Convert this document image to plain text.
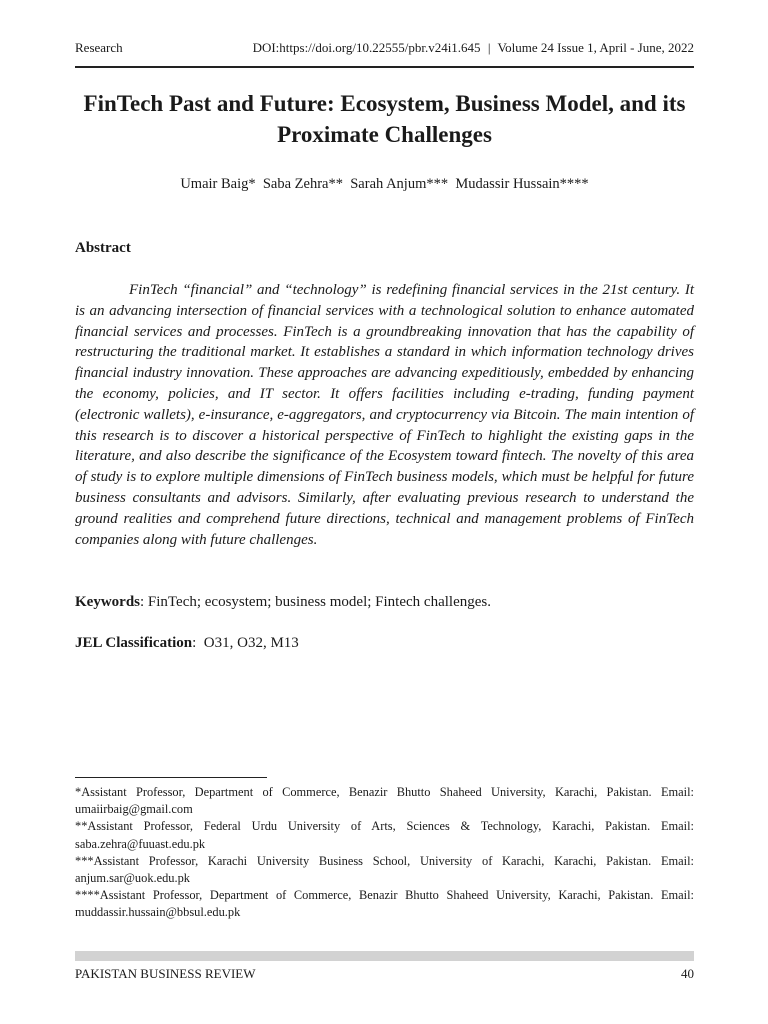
Research	DOI:https://doi.org/10.22555/pbr.v24i1.645 | Volume 24 Issue 1, April - June, 2022
FinTech Past and Future: Ecosystem, Business Model, and its Proximate Challenges
Umair Baig*  Saba Zehra**  Sarah Anjum***  Mudassir Hussain****
Abstract

FinTech “financial” and “technology” is redefining financial services in the 21st century. It is an advancing intersection of financial services with a technological solution to enhance automated financial services and processes. FinTech is a groundbreaking innovation that has the capability of restructuring the traditional market. It establishes a standard in which information technology drives financial industry innovation. These approaches are advancing expeditiously, embedded by enhancing the economy, policies, and IT sector. It offers facilities including e-trading, funding payment (electronic wallets), e-insurance, e-aggregators, and cryptocurrency via Bitcoin. The main intention of this research is to discover a historical perspective of FinTech to highlight the existing gaps in the literature, and also describe the significance of the Ecosystem toward fintech. The novelty of this area of study is to explore multiple dimensions of FinTech business models, which must be helpful for future business consultants and advisors. Similarly, after evaluating previous research to understand the ground realities and comprehend future directions, technical and management problems of FinTech companies along with future challenges.

Keywords: FinTech; ecosystem; business model; Fintech challenges.
JEL Classification:  O31, O32, M13

*Assistant Professor, Department of Commerce, Benazir Bhutto Shaheed University, Karachi, Pakistan. Email: umaiirbaig@gmail.com

**Assistant Professor, Federal Urdu University of Arts, Sciences & Technology, Karachi, Pakistan. Email: saba.zehra@fuuast.edu.pk

***Assistant Professor, Karachi University Business School, University of Karachi, Karachi, Pakistan. Email: anjum.sar@uok.edu.pk

****Assistant Professor, Department of Commerce, Benazir Bhutto Shaheed University, Karachi, Pakistan. Email: muddassir.hussain@bbsul.edu.pk

PAKISTAN BUSINESS REVIEW	40
